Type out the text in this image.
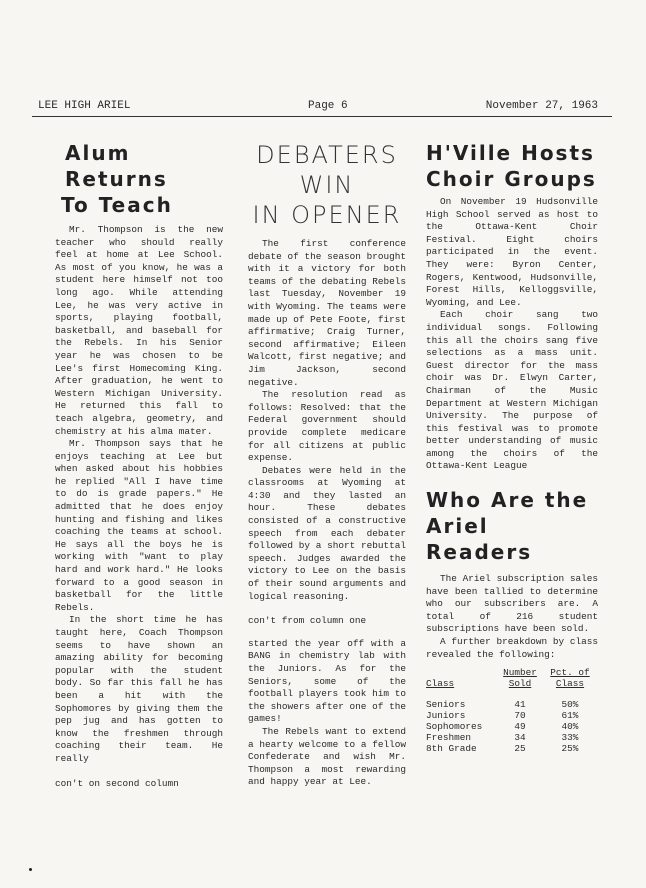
LEE HIGH ARIEL	Page 6	November 27, 1963
Alum Returns
To Teach

Mr. Thompson is the new teacher who should really feel at home at Lee School. As most of you know, he was a student here himself not too long ago. While attending Lee, he was very active in sports, playing football, basketball, and baseball for the Rebels. In his Senior year he was chosen to be Lee's first Homecoming King. After graduation, he went to Western Michigan University. He returned this fall to teach algebra, geometry, and chemistry at his alma mater.

Mr. Thompson says that he enjoys teaching at Lee but when asked about his hobbies he replied "All I have time to do is grade papers." He admitted that he does enjoy hunting and fishing and likes coaching the teams at school. He says all the boys he is working with "want to play hard and work hard." He looks forward to a good season in basketball for the little Rebels.

In the short time he has taught here, Coach Thompson seems to have shown an amazing ability for becoming popular with the student body. So far this fall he has been a hit with the Sophomores by giving them the pep jug and has gotten to know the freshmen through coaching their team. He really

con't on second column

DEBATERS WIN
IN OPENER

The first conference debate of the season brought with it a victory for both teams of the debating Rebels last Tuesday, November 19 with Wyoming. The teams were made up of Pete Foote, first affirmative; Craig Turner, second affirmative; Eileen Walcott, first negative; and Jim Jackson, second negative.

The resolution read as follows: Resolved: that the Federal government should provide complete medicare for all citizens at public expense.

Debates were held in the classrooms at Wyoming at 4:30 and they lasted an hour. These debates consisted of a constructive speech from each debater followed by a short rebuttal speech. Judges awarded the victory to Lee on the basis of their sound arguments and logical reasoning.

con't from column one

started the year off with a BANG in chemistry lab with the Juniors. As for the Seniors, some of the football players took him to the showers after one of the games!

The Rebels want to extend a hearty welcome to a fellow Confederate and wish Mr. Thompson a most rewarding and happy year at Lee.

H'Ville Hosts
Choir Groups

On November 19 Hudsonville High School served as host to the Ottawa-Kent Choir Festival. Eight choirs participated in the event. They were: Byron Center, Rogers, Kentwood, Hudsonville, Forest Hills, Kelloggsville, Wyoming, and Lee.

Each choir sang two individual songs. Following this all the choirs sang five selections as a mass unit. Guest director for the mass choir was Dr. Elwyn Carter, Chairman of the Music Department at Western Michigan University. The purpose of this festival was to promote better understanding of music among the choirs of the Ottawa-Kent League

Who Are the
Ariel Readers

The Ariel subscription sales have been tallied to determine who our subscribers are. A total of 216 student subscriptions have been sold.

A further breakdown by class revealed the following:

Class	Number Sold	Pct. of Class

Seniors	41	50%
Juniors	70	61%
Sophomores	49	40%
Freshmen	34	33%
8th Grade	25	25%
